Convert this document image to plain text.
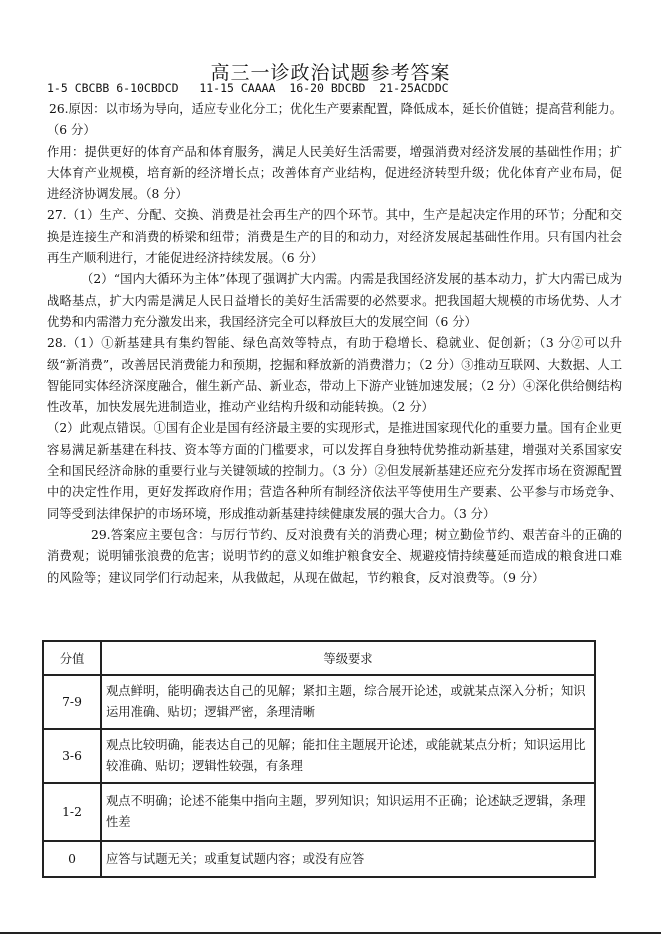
高三一诊政治试题参考答案
1-5 CBCBB 6-10CBDCD   11-15 CAAAA  16-20 BDCBD  21-25ACDDC

26.原因：以市场为导向，适应专业化分工；优化生产要素配置，降低成本，延长价值链；提高营利能力。（6 分）

作用：提供更好的体育产品和体育服务，满足人民美好生活需要，增强消费对经济发展的基础性作用；扩大体育产业规模，培育新的经济增长点；改善体育产业结构，促进经济转型升级；优化体育产业布局，促进经济协调发展。（8 分）

27.（1）生产、分配、交换、消费是社会再生产的四个环节。其中，生产是起决定作用的环节；分配和交换是连接生产和消费的桥梁和纽带；消费是生产的目的和动力，对经济发展起基础性作用。只有国内社会再生产顺利进行，才能促进经济持续发展。（6 分）

（2）“国内大循环为主体”体现了强调扩大内需。内需是我国经济发展的基本动力，扩大内需已成为战略基点，扩大内需是满足人民日益增长的美好生活需要的必然要求。把我国超大规模的市场优势、人才优势和内需潜力充分激发出来，我国经济完全可以释放巨大的发展空间（6 分）

28.（1）①新基建具有集约智能、绿色高效等特点，有助于稳增长、稳就业、促创新；（3 分②可以升级“新消费”，改善居民消费能力和预期，挖掘和释放新的消费潜力；（2 分）③推动互联网、大数据、人工智能同实体经济深度融合，催生新产品、新业态，带动上下游产业链加速发展；（2 分）④深化供给侧结构性改革，加快发展先进制造业，推动产业结构升级和动能转换。（2 分）

（2）此观点错误。①国有企业是国有经济最主要的实现形式，是推进国家现代化的重要力量。国有企业更容易满足新基建在科技、资本等方面的门槛要求，可以发挥自身独特优势推动新基建，增强对关系国家安全和国民经济命脉的重要行业与关键领域的控制力。（3 分）②但发展新基建还应充分发挥市场在资源配置中的决定性作用，更好发挥政府作用；营造各种所有制经济依法平等使用生产要素、公平参与市场竞争、同等受到法律保护的市场环境，形成推动新基建持续健康发展的强大合力。（3 分）

29.答案应主要包含：与厉行节约、反对浪费有关的消费心理；树立勤俭节约、艰苦奋斗的正确的消费观；说明铺张浪费的危害；说明节约的意义如维护粮食安全、规避疫情持续蔓延而造成的粮食进口难的风险等；建议同学们行动起来，从我做起，从现在做起，节约粮食，反对浪费等。（9 分）

分值	等级要求
7-9	观点鲜明，能明确表达自己的见解；紧扣主题，综合展开论述，或就某点深入分析；知识运用准确、贴切；逻辑严密，条理清晰
3-6	观点比较明确，能表达自己的见解；能扣住主题展开论述，或能就某点分析；知识运用比较准确、贴切；逻辑性较强，有条理
1-2	观点不明确；论述不能集中指向主题，罗列知识；知识运用不正确；论述缺乏逻辑，条理性差
0	应答与试题无关；或重复试题内容；或没有应答
